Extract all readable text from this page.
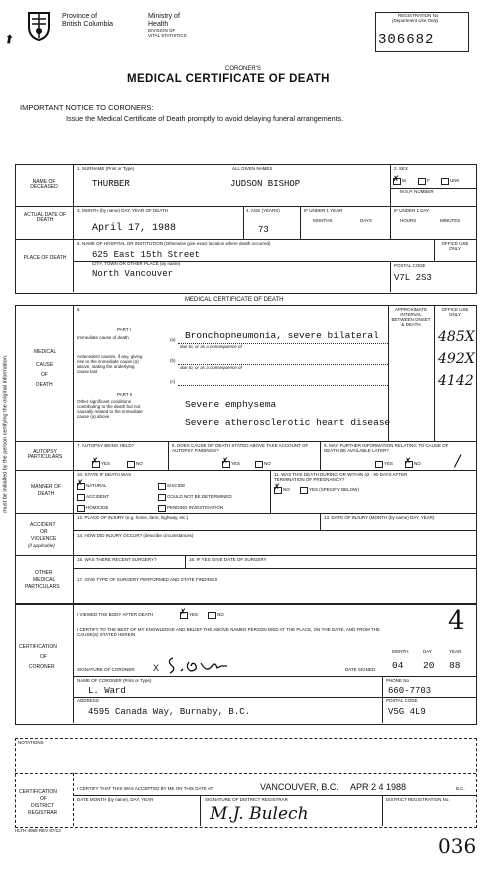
Province of
British Columbia
Ministry of
Health
DIVISION OF
VITAL STATISTICS
⬈
REGISTRATION No
(Department Use Only)
306682
CORONER'S
MEDICAL CERTIFICATE OF DEATH
IMPORTANT NOTICE TO CORONERS:
Issue the Medical Certificate of Death promptly to avoid delaying funeral arrangements.
must be initialled by the person certifying the original information.
NAME OF DECEASED
1. SURNAME (Print or Type)	ALL GIVEN NAMES
THURBER	JUDSON BISHOP
2. SEX
✗ M	F	UNK
M.S.P. NUMBER
ACTUAL DATE OF DEATH
3. MONTH (by name) DAY, YEAR OF DEATH
April 17, 1988
4. AGE (YEARS)
73
IF UNDER 1 YEAR
MONTHS	DAYS
IF UNDER 1 DAY
HOURS	MINUTES
PLACE OF DEATH
5. NAME OF HOSPITAL OR INSTITUTION (Otherwise give exact location where death occurred)
625 East 15th Street
OFFICE USE ONLY
CITY, TOWN OR OTHER PLACE (by name)
North Vancouver
POSTAL CODE
V7L 2S3
MEDICAL CERTIFICATE OF DEATH
MEDICAL
CAUSE
OF
DEATH
6
PART I
Immediate cause of death	(a) Bronchopneumonia, severe bilateral
due to, or as a consequence of
Antecedent causes, if any, giving rise to the immediate cause (a) above, stating the underlying cause last
(b)
due to, or as a consequence of
(c)
PART II
Other significant conditions contributing to the death but not causally related to the immediate cause (a) above
Severe emphysema
Severe atherosclerotic heart disease
APPROXIMATE INTERVAL BETWEEN ONSET & DEATH
OFFICE USE ONLY
485X
492X
4142
/
AUTOPSY PARTICULARS
7. AUTOPSY BEING HELD?
✗ YES	NO
8. DOES CAUSE OF DEATH STATED ABOVE TAKE ACCOUNT OF AUTOPSY FINDINGS?
✗ YES	NO
9. MAY FURTHER INFORMATION RELATING TO CAUSE OF DEATH BE AVAILABLE LATER?
YES ✗ NO
MANNER OF DEATH
10. STATE IF DEATH WAS
✗ NATURAL
ACCIDENT
HOMICIDE
SUICIDE
COULD NOT BE DETERMINED
PENDING INVESTIGATION
11. WAS THIS DEATH DURING OR WITHIN 42 - 90 DAYS AFTER TERMINATION OF PREGNANCY?
✗ NO	YES (SPECIFY BELOW)
ACCIDENT
OR
VIOLENCE
(if applicable)
12. PLACE OF INJURY (e.g. home, farm, highway, etc.)	13. DATE OF INJURY (MONTH (by name) DAY, YEAR)
14. HOW DID INJURY OCCUR? (describe circumstances)
OTHER
MEDICAL
PARTICULARS
15. WAS THERE RECENT SURGERY?	16. IF YES GIVE DATE OF SURGERY
17. GIVE TYPE OF SURGERY PERFORMED AND STATE FINDINGS
CERTIFICATION
OF
CORONER
I VIEWED THE BODY AFTER DEATH	✗ YES	NO	4
I CERTIFY TO THE BEST OF MY KNOWLEDGE AND BELIEF THE ABOVE NAMED PERSON DIED AT THE PLACE, ON THE DATE, AND FROM THE CAUSE(S) STATED HEREIN
MONTH	DAY	YEAR
04 20 88
DATE SIGNED
SIGNATURE OF CORONER X
NAME OF CORONER (Print or Type)
L. Ward
PHONE No
660-7703
ADDRESS
4595 Canada Way, Burnaby, B.C.
POSTAL CODE
V5G 4L9
NOTATIONS
CERTIFICATION
OF
DISTRICT
REGISTRAR
I CERTIFY THAT THIS WAS ACCEPTED BY ME ON THIS DATE AT	VANCOUVER, B.C. APR 2 4 1988	B.C.
DATE MONTH (by name), DAY, YEAR	SIGNATURE OF DISTRICT REGISTRAR	DISTRICT REGISTRATION No.
M.J. Bulech
HLTH 4968 REV 87/12
036
